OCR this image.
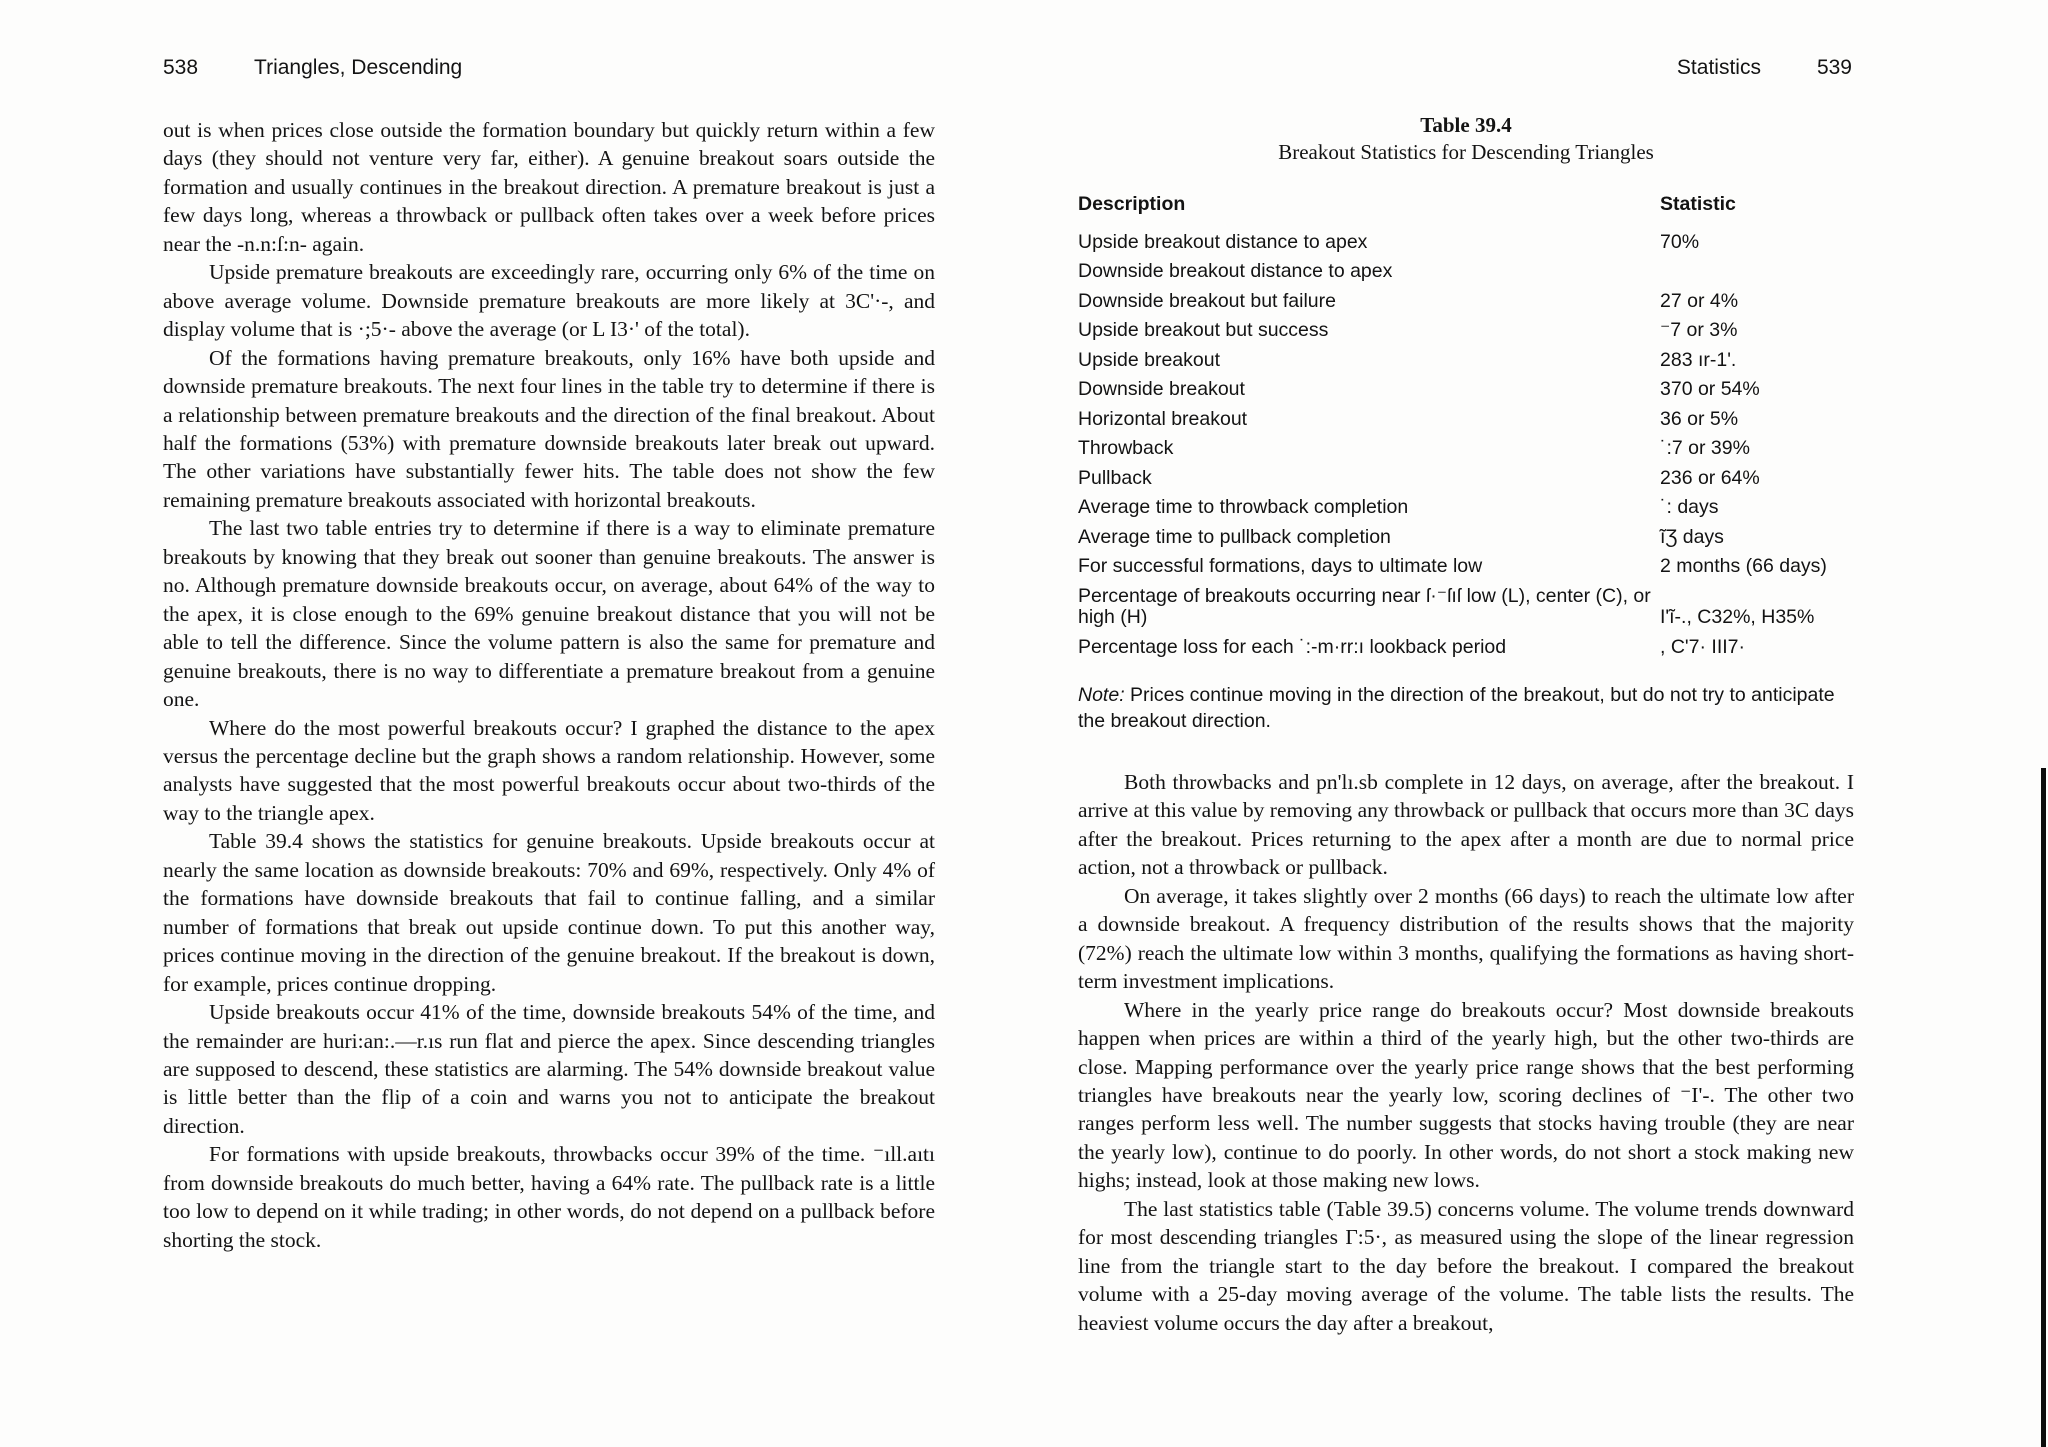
538	Triangles, Descending	Statistics	539

out is when prices close outside the formation boundary but quickly return within a few days (they should not venture very far, either). A genuine breakout soars outside the formation and usually continues in the breakout direction. A premature breakout is just a few days long, whereas a throwback or pullback often takes over a week before prices near the -n.n:ſ:n- again.

Upside premature breakouts are exceedingly rare, occurring only 6% of the time on above average volume. Downside premature breakouts are more likely at 3C'·-, and display volume that is ·;5·- above the average (or L I3·' of the total).

Of the formations having premature breakouts, only 16% have both upside and downside premature breakouts. The next four lines in the table try to determine if there is a relationship between premature breakouts and the direction of the final breakout. About half the formations (53%) with premature downside breakouts later break out upward. The other variations have substantially fewer hits. The table does not show the few remaining premature breakouts associated with horizontal breakouts.

The last two table entries try to determine if there is a way to eliminate premature breakouts by knowing that they break out sooner than genuine breakouts. The answer is no. Although premature downside breakouts occur, on average, about 64% of the way to the apex, it is close enough to the 69% genuine breakout distance that you will not be able to tell the difference. Since the volume pattern is also the same for premature and genuine breakouts, there is no way to differentiate a premature breakout from a genuine one.

Where do the most powerful breakouts occur? I graphed the distance to the apex versus the percentage decline but the graph shows a random relationship. However, some analysts have suggested that the most powerful breakouts occur about two-thirds of the way to the triangle apex.

Table 39.4 shows the statistics for genuine breakouts. Upside breakouts occur at nearly the same location as downside breakouts: 70% and 69%, respectively. Only 4% of the formations have downside breakouts that fail to continue falling, and a similar number of formations that break out upside continue down. To put this another way, prices continue moving in the direction of the genuine breakout. If the breakout is down, for example, prices continue dropping.

Upside breakouts occur 41% of the time, downside breakouts 54% of the time, and the remainder are huri:an:.—r.ıs run flat and pierce the apex. Since descending triangles are supposed to descend, these statistics are alarming. The 54% downside breakout value is little better than the flip of a coin and warns you not to anticipate the breakout direction.

For formations with upside breakouts, throwbacks occur 39% of the time. ⁻ıll.aıtı from downside breakouts do much better, having a 64% rate. The pullback rate is a little too low to depend on it while trading; in other words, do not depend on a pullback before shorting the stock.

Table 39.4
Breakout Statistics for Descending Triangles
Description	Statistic
Upside breakout distance to apex	70%
Downside breakout distance to apex	
Downside breakout but failure	27 or 4%
Upside breakout but success	⁻7 or 3%
Upside breakout	283 ır-1'.
Downside breakout	370 or 54%
Horizontal breakout	36 or 5%
Throwback	˙:7 or 39%
Pullback	236 or 64%
Average time to throwback completion	˙: days
Average time to pullback completion	ĩƷ days
For successful formations, days to ultimate low	2 months (66 days)
Percentage of breakouts occurring near ſ·⁻ſıſ low (L), center (C), or high (H)	I'ĩ-., C32%, H35%
Percentage loss for each ˙:-m·rr:ı lookback period	, C'7· III7·
Note: Prices continue moving in the direction of the breakout, but do not try to anticipate the breakout direction.

Both throwbacks and pn'lı.sb complete in 12 days, on average, after the breakout. I arrive at this value by removing any throwback or pullback that occurs more than 3C days after the breakout. Prices returning to the apex after a month are due to normal price action, not a throwback or pullback.

On average, it takes slightly over 2 months (66 days) to reach the ultimate low after a downside breakout. A frequency distribution of the results shows that the majority (72%) reach the ultimate low within 3 months, qualifying the formations as having short-term investment implications.

Where in the yearly price range do breakouts occur? Most downside breakouts happen when prices are within a third of the yearly high, but the other two-thirds are close. Mapping performance over the yearly price range shows that the best performing triangles have breakouts near the yearly low, scoring declines of ⁻I'-. The other two ranges perform less well. The number suggests that stocks having trouble (they are near the yearly low), continue to do poorly. In other words, do not short a stock making new highs; instead, look at those making new lows.

The last statistics table (Table 39.5) concerns volume. The volume trends downward for most descending triangles Γ:5·, as measured using the slope of the linear regression line from the triangle start to the day before the breakout. I compared the breakout volume with a 25-day moving average of the volume. The table lists the results. The heaviest volume occurs the day after a breakout,
